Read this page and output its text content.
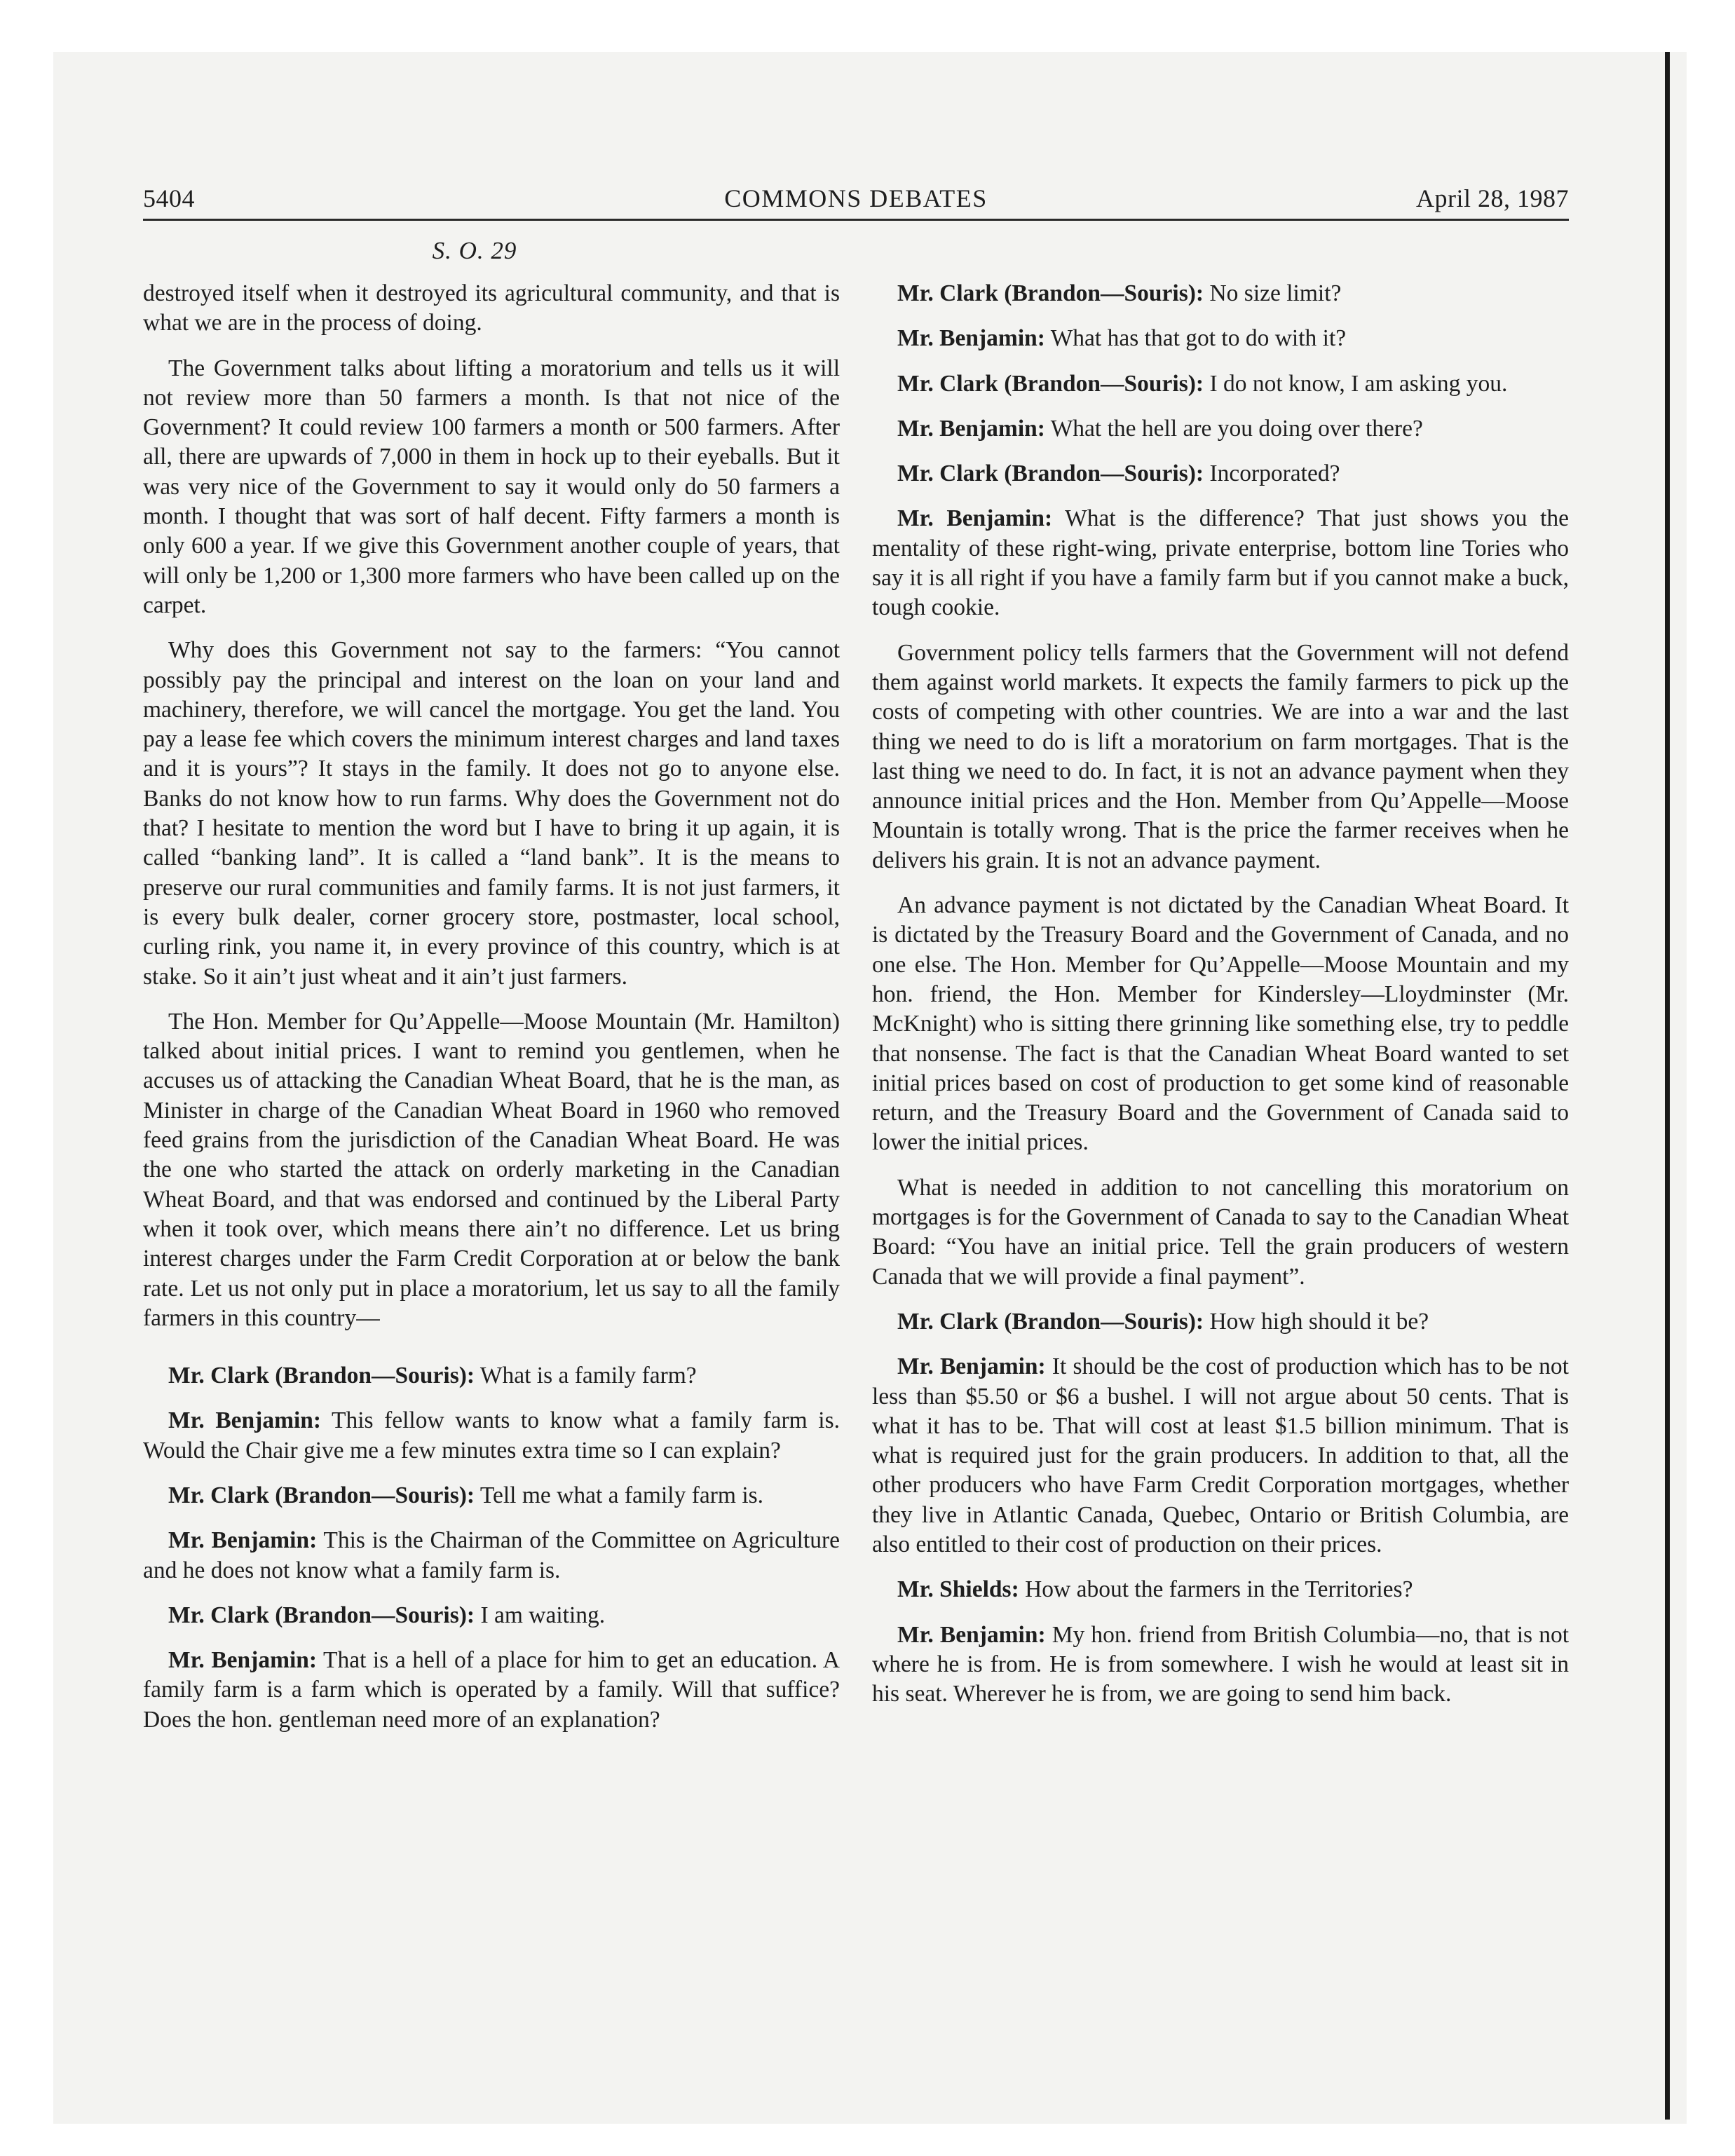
5404	COMMONS DEBATES	April 28, 1987
S. O. 29

destroyed itself when it destroyed its agricultural community, and that is what we are in the process of doing.

The Government talks about lifting a moratorium and tells us it will not review more than 50 farmers a month. Is that not nice of the Government? It could review 100 farmers a month or 500 farmers. After all, there are upwards of 7,000 in them in hock up to their eyeballs. But it was very nice of the Government to say it would only do 50 farmers a month. I thought that was sort of half decent. Fifty farmers a month is only 600 a year. If we give this Government another couple of years, that will only be 1,200 or 1,300 more farmers who have been called up on the carpet.

Why does this Government not say to the farmers: “You cannot possibly pay the principal and interest on the loan on your land and machinery, therefore, we will cancel the mortgage. You get the land. You pay a lease fee which covers the minimum interest charges and land taxes and it is yours”? It stays in the family. It does not go to anyone else. Banks do not know how to run farms. Why does the Government not do that? I hesitate to mention the word but I have to bring it up again, it is called “banking land”. It is called a “land bank”. It is the means to preserve our rural communities and family farms. It is not just farmers, it is every bulk dealer, corner grocery store, postmaster, local school, curling rink, you name it, in every province of this country, which is at stake. So it ain’t just wheat and it ain’t just farmers.

The Hon. Member for Qu’Appelle—Moose Mountain (Mr. Hamilton) talked about initial prices. I want to remind you gentlemen, when he accuses us of attacking the Canadian Wheat Board, that he is the man, as Minister in charge of the Canadian Wheat Board in 1960 who removed feed grains from the jurisdiction of the Canadian Wheat Board. He was the one who started the attack on orderly marketing in the Canadian Wheat Board, and that was endorsed and continued by the Liberal Party when it took over, which means there ain’t no difference. Let us bring interest charges under the Farm Credit Corporation at or below the bank rate. Let us not only put in place a moratorium, let us say to all the family farmers in this country—

Mr. Clark (Brandon—Souris): What is a family farm?

Mr. Benjamin: This fellow wants to know what a family farm is. Would the Chair give me a few minutes extra time so I can explain?

Mr. Clark (Brandon—Souris): Tell me what a family farm is.

Mr. Benjamin: This is the Chairman of the Committee on Agriculture and he does not know what a family farm is.

Mr. Clark (Brandon—Souris): I am waiting.

Mr. Benjamin: That is a hell of a place for him to get an education. A family farm is a farm which is operated by a family. Will that suffice? Does the hon. gentleman need more of an explanation?

Mr. Clark (Brandon—Souris): No size limit?

Mr. Benjamin: What has that got to do with it?

Mr. Clark (Brandon—Souris): I do not know, I am asking you.

Mr. Benjamin: What the hell are you doing over there?

Mr. Clark (Brandon—Souris): Incorporated?

Mr. Benjamin: What is the difference? That just shows you the mentality of these right-wing, private enterprise, bottom line Tories who say it is all right if you have a family farm but if you cannot make a buck, tough cookie.

Government policy tells farmers that the Government will not defend them against world markets. It expects the family farmers to pick up the costs of competing with other countries. We are into a war and the last thing we need to do is lift a moratorium on farm mortgages. That is the last thing we need to do. In fact, it is not an advance payment when they announce initial prices and the Hon. Member from Qu’Appelle—Moose Mountain is totally wrong. That is the price the farmer receives when he delivers his grain. It is not an advance payment.

An advance payment is not dictated by the Canadian Wheat Board. It is dictated by the Treasury Board and the Government of Canada, and no one else. The Hon. Member for Qu’Appelle—Moose Mountain and my hon. friend, the Hon. Member for Kindersley—Lloydminster (Mr. McKnight) who is sitting there grinning like something else, try to peddle that nonsense. The fact is that the Canadian Wheat Board wanted to set initial prices based on cost of production to get some kind of reasonable return, and the Treasury Board and the Government of Canada said to lower the initial prices.

What is needed in addition to not cancelling this moratorium on mortgages is for the Government of Canada to say to the Canadian Wheat Board: “You have an initial price. Tell the grain producers of western Canada that we will provide a final payment”.

Mr. Clark (Brandon—Souris): How high should it be?

Mr. Benjamin: It should be the cost of production which has to be not less than $5.50 or $6 a bushel. I will not argue about 50 cents. That is what it has to be. That will cost at least $1.5 billion minimum. That is what is required just for the grain producers. In addition to that, all the other producers who have Farm Credit Corporation mortgages, whether they live in Atlantic Canada, Quebec, Ontario or British Columbia, are also entitled to their cost of production on their prices.

Mr. Shields: How about the farmers in the Territories?

Mr. Benjamin: My hon. friend from British Columbia—no, that is not where he is from. He is from somewhere. I wish he would at least sit in his seat. Wherever he is from, we are going to send him back.
